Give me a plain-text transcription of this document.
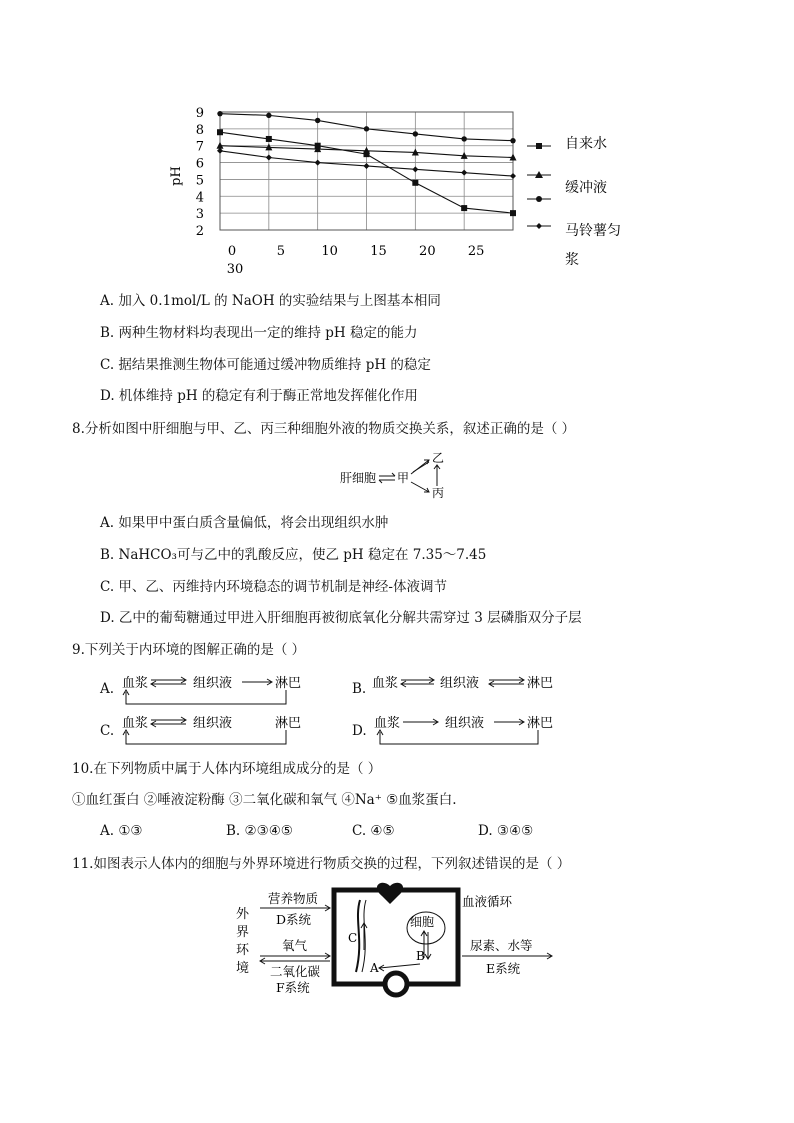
9
8
7
6
5
4
3
2
0	5	10 15 20 25
pH
30
自来水
缓冲液
马铃薯匀
浆
A. 加入 0.1mol/L 的 NaOH 的实验结果与上图基本相同
B. 两种生物材料均表现出一定的维持 pH 稳定的能力
C. 据结果推测生物体可能通过缓冲物质维持 pH 的稳定
D. 机体维持 pH 的稳定有利于酶正常地发挥催化作用
8.分析如图中肝细胞与甲、乙、丙三种细胞外液的物质交换关系，叙述正确的是（ ）
肝细胞 甲
乙
丙
A. 如果甲中蛋白质含量偏低，将会出现组织水肿
B. NaHCO₃可与乙中的乳酸反应，使乙 pH 稳定在 7.35～7.45
C. 甲、乙、丙维持内环境稳态的调节机制是神经-体液调节
D. 乙中的葡萄糖通过甲进入肝细胞再被彻底氧化分解共需穿过 3 层磷脂双分子层
9.下列关于内环境的图解正确的是（ ）
A. 血浆	组织液	淋巴	B. 血浆	组织液	淋巴
C. 血浆	组织液	淋巴	D. 血浆	组织液	淋巴
10.在下列物质中属于人体内环境组成成分的是（ ）
①血红蛋白 ②唾液淀粉酶 ③二氧化碳和氧气 ④Na⁺ ⑤血浆蛋白.
A. ①③	B. ②③④⑤	C. ④⑤	D. ③④⑤
11.如图表示人体内的细胞与外界环境进行物质交换的过程，下列叙述错误的是（ ）
外
界
环
境
营养物质
D系统
氧气
二氧化碳
F系统
C
细胞
B
A
血液循环
尿素、水等
E系统
